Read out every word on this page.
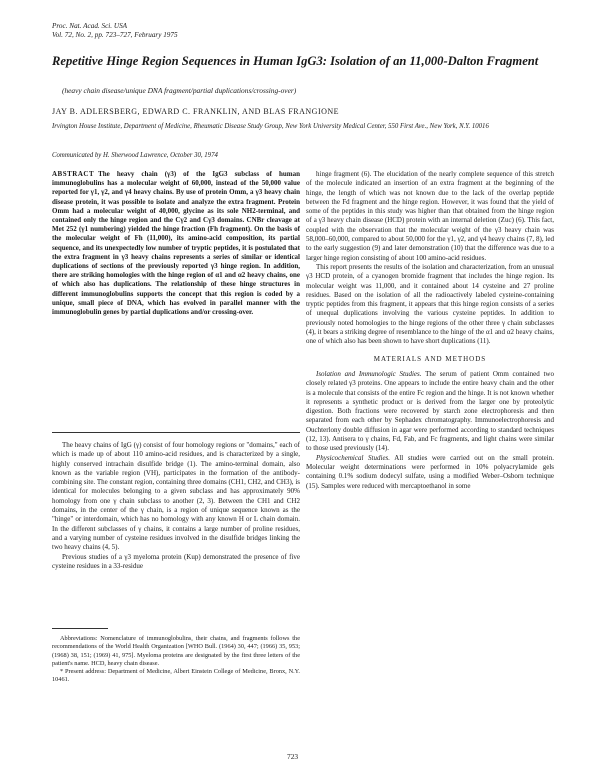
Proc. Nat. Acad. Sci. USA
Vol. 72, No. 2, pp. 723–727, February 1975
Repetitive Hinge Region Sequences in Human IgG3: Isolation of an 11,000-Dalton Fragment
(heavy chain disease/unique DNA fragment/partial duplications/crossing-over)
JAY B. ADLERSBERG, EDWARD C. FRANKLIN, AND BLAS FRANGIONE
Irvington House Institute, Department of Medicine, Rheumatic Disease Study Group, New York University Medical Center, 550 First Ave., New York, N.Y. 10016
Communicated by H. Sherwood Lawrence, October 30, 1974
ABSTRACT The heavy chain (γ3) of the IgG3 subclass of human immunoglobulins has a molecular weight of 60,000, instead of the 50,000 value reported for γ1, γ2, and γ4 heavy chains. By use of protein Omm, a γ3 heavy chain disease protein, it was possible to isolate and analyze the extra fragment. Protein Omm had a molecular weight of 40,000, glycine as its sole NH2-terminal, and contained only the hinge region and the Cγ2 and Cγ3 domains. CNBr cleavage at Met 252 (γ1 numbering) yielded the hinge fraction (Fh fragment). On the basis of the molecular weight of Fh (11,000), its amino-acid composition, its partial sequence, and its unexpectedly low number of tryptic peptides, it is postulated that the extra fragment in γ3 heavy chains represents a series of similar or identical duplications of sections of the previously reported γ3 hinge region. In addition, there are striking homologies with the hinge region of α1 and α2 heavy chains, one of which also has duplications. The relationship of these hinge structures in different immunoglobulins supports the concept that this region is coded by a unique, small piece of DNA, which has evolved in parallel manner with the immunoglobulin genes by partial duplications and/or crossing-over.

The heavy chains of IgG (γ) consist of four homology regions or "domains," each of which is made up of about 110 amino-acid residues, and is characterized by a single, highly conserved intrachain disulfide bridge (1). The amino-terminal domain, also known as the variable region (VH), participates in the formation of the antibody-combining site. The constant region, containing three domains (CH1, CH2, and CH3), is identical for molecules belonging to a given subclass and has approximately 90% homology from one γ chain subclass to another (2, 3). Between the CH1 and CH2 domains, in the center of the γ chain, is a region of unique sequence known as the "hinge" or interdomain, which has no homology with any known H or L chain domain. In the different subclasses of γ chains, it contains a large number of proline residues, and a varying number of cysteine residues involved in the disulfide bridges linking the two heavy chains (4, 5).

Previous studies of a γ3 myeloma protein (Kup) demonstrated the presence of five cysteine residues in a 33-residue

Abbreviations: Nomenclature of immunoglobulins, their chains, and fragments follows the recommendations of the World Health Organization [WHO Bull. (1964) 30, 447; (1966) 35, 953; (1968) 38, 151; (1969) 41, 975]. Myeloma proteins are designated by the first three letters of the patient's name. HCD, heavy chain disease.

* Present address: Department of Medicine, Albert Einstein College of Medicine, Bronx, N.Y. 10461.

hinge fragment (6). The elucidation of the nearly complete sequence of this stretch of the molecule indicated an insertion of an extra fragment at the beginning of the hinge, the length of which was not known due to the lack of the overlap peptide between the Fd fragment and the hinge region. However, it was found that the yield of some of the peptides in this study was higher than that obtained from the hinge region of a γ3 heavy chain disease (HCD) protein with an internal deletion (Zuc) (6). This fact, coupled with the observation that the molecular weight of the γ3 heavy chain was 58,000–60,000, compared to about 50,000 for the γ1, γ2, and γ4 heavy chains (7, 8), led to the early suggestion (9) and later demonstration (10) that the difference was due to a larger hinge region consisting of about 100 amino-acid residues.

This report presents the results of the isolation and characterization, from an unusual γ3 HCD protein, of a cyanogen bromide fragment that includes the hinge region. Its molecular weight was 11,000, and it contained about 14 cysteine and 27 proline residues. Based on the isolation of all the radioactively labeled cysteine-containing tryptic peptides from this fragment, it appears that this hinge region consists of a series of unequal duplications involving the various cysteine peptides. In addition to previously noted homologies to the hinge regions of the other three γ chain subclasses (4), it bears a striking degree of resemblance to the hinge of the α1 and α2 heavy chains, one of which also has been shown to have short duplications (11).

MATERIALS AND METHODS

Isolation and Immunologic Studies. The serum of patient Omm contained two closely related γ3 proteins. One appears to include the entire heavy chain and the other is a molecule that consists of the entire Fc region and the hinge. It is not known whether it represents a synthetic product or is derived from the larger one by proteolytic digestion. Both fractions were recovered by starch zone electrophoresis and then separated from each other by Sephadex chromatography. Immunoelectrophoresis and Ouchterlony double diffusion in agar were performed according to standard techniques (12, 13). Antisera to γ chains, Fd, Fab, and Fc fragments, and light chains were similar to those used previously (14).

Physicochemical Studies. All studies were carried out on the small protein. Molecular weight determinations were performed in 10% polyacrylamide gels containing 0.1% sodium dodecyl sulfate, using a modified Weber–Osborn technique (15). Samples were reduced with mercaptoethanol in some

723
